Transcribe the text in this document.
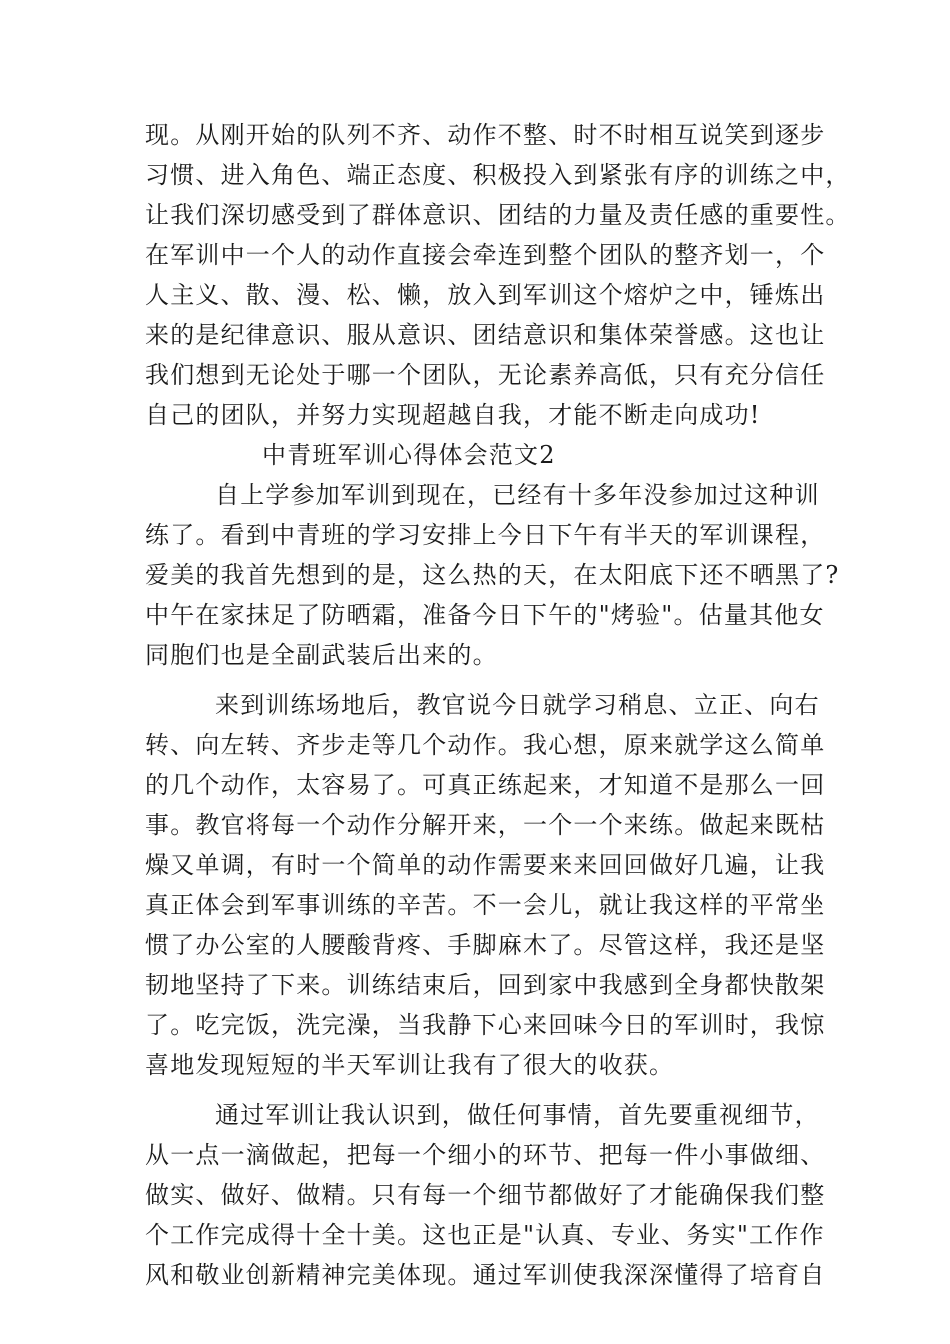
现。从刚开始的队列不齐、动作不整、时不时相互说笑到逐步
习惯、进入角色、端正态度、积极投入到紧张有序的训练之中，
让我们深切感受到了群体意识、团结的力量及责任感的重要性。
在军训中一个人的动作直接会牵连到整个团队的整齐划一，个
人主义、散、漫、松、懒，放入到军训这个熔炉之中，锤炼出
来的是纪律意识、服从意识、团结意识和集体荣誉感。这也让
我们想到无论处于哪一个团队，无论素养高低，只有充分信任
自己的团队，并努力实现超越自我，才能不断走向成功!
中青班军训心得体会范文2
自上学参加军训到现在，已经有十多年没参加过这种训
练了。看到中青班的学习安排上今日下午有半天的军训课程，
爱美的我首先想到的是，这么热的天，在太阳底下还不晒黑了?
中午在家抹足了防晒霜，准备今日下午的"烤验"。估量其他女
同胞们也是全副武装后出来的。
来到训练场地后，教官说今日就学习稍息、立正、向右
转、向左转、齐步走等几个动作。我心想，原来就学这么简单
的几个动作，太容易了。可真正练起来，才知道不是那么一回
事。教官将每一个动作分解开来，一个一个来练。做起来既枯
燥又单调，有时一个简单的动作需要来来回回做好几遍，让我
真正体会到军事训练的辛苦。不一会儿，就让我这样的平常坐
惯了办公室的人腰酸背疼、手脚麻木了。尽管这样，我还是坚
韧地坚持了下来。训练结束后，回到家中我感到全身都快散架
了。吃完饭，洗完澡，当我静下心来回味今日的军训时，我惊
喜地发现短短的半天军训让我有了很大的收获。
通过军训让我认识到，做任何事情，首先要重视细节，
从一点一滴做起，把每一个细小的环节、把每一件小事做细、
做实、做好、做精。只有每一个细节都做好了才能确保我们整
个工作完成得十全十美。这也正是"认真、专业、务实"工作作
风和敬业创新精神完美体现。通过军训使我深深懂得了培育自
